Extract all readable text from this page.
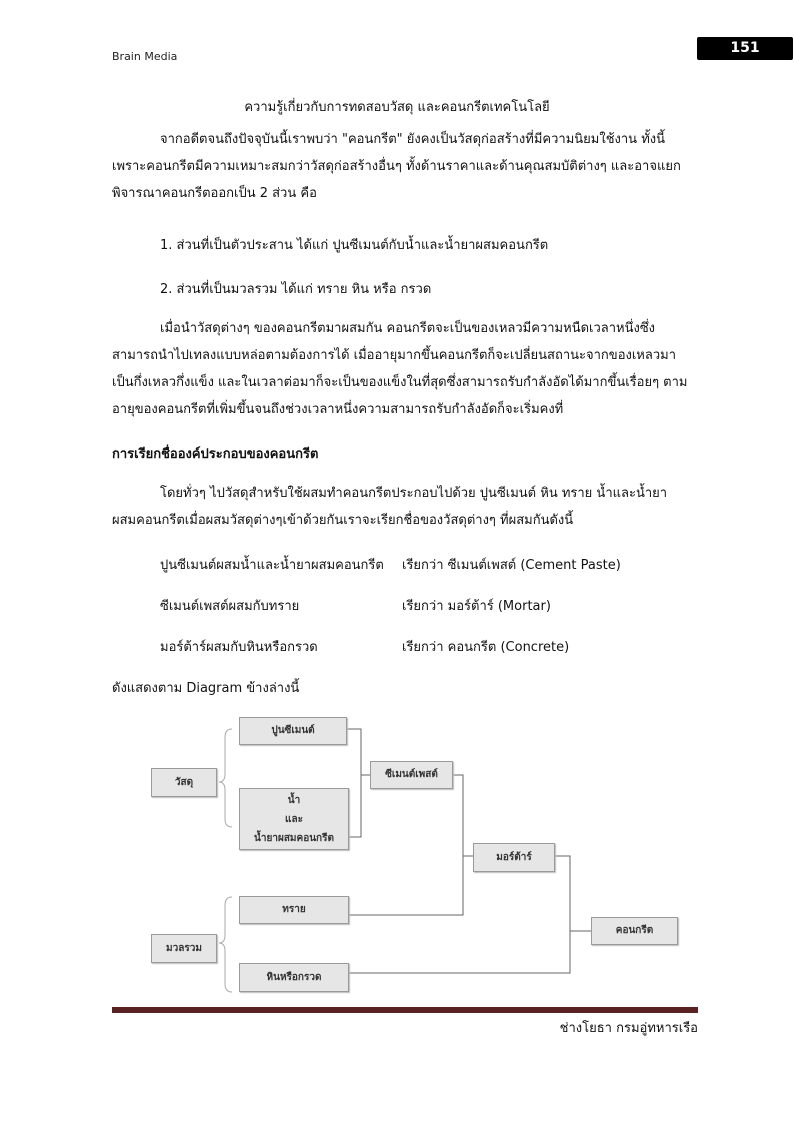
Brain Media
151
ความรู้เกี่ยวกับการทดสอบวัสดุ และคอนกรีตเทคโนโลยี
จากอดีตจนถึงปัจจุบันนี้เราพบว่า "คอนกรีต" ยังคงเป็นวัสดุก่อสร้างที่มีความนิยมใช้งาน ทั้งนี้
เพราะคอนกรีตมีความเหมาะสมกว่าวัสดุก่อสร้างอื่นๆ ทั้งด้านราคาและด้านคุณสมบัติต่างๆ และอาจแยก
พิจารณาคอนกรีตออกเป็น 2 ส่วน คือ
1. ส่วนที่เป็นตัวประสาน ได้แก่ ปูนซีเมนต์กับน้ำและน้ำยาผสมคอนกรีต
2. ส่วนที่เป็นมวลรวม ได้แก่ ทราย หิน หรือ กรวด
เมื่อนำวัสดุต่างๆ ของคอนกรีตมาผสมกัน คอนกรีตจะเป็นของเหลวมีความหนืดเวลาหนึ่งซึ่ง
สามารถนำไปเทลงแบบหล่อตามต้องการได้ เมื่ออายุมากขึ้นคอนกรีตก็จะเปลี่ยนสถานะจากของเหลวมา
เป็นกึ่งเหลวกึ่งแข็ง และในเวลาต่อมาก็จะเป็นของแข็งในที่สุดซึ่งสามารถรับกำลังอัดได้มากขึ้นเรื่อยๆ ตาม
อายุของคอนกรีตที่เพิ่มขึ้นจนถึงช่วงเวลาหนึ่งความสามารถรับกำลังอัดก็จะเริ่มคงที่
การเรียกชื่อองค์ประกอบของคอนกรีต
โดยทั่วๆ ไปวัสดุสำหรับใช้ผสมทำคอนกรีตประกอบไปด้วย ปูนซีเมนต์ หิน ทราย น้ำและน้ำยา
ผสมคอนกรีตเมื่อผสมวัสดุต่างๆเข้าด้วยกันเราจะเรียกชื่อของวัสดุต่างๆ ที่ผสมกันดังนี้
ปูนซีเมนต์ผสมน้ำและน้ำยาผสมคอนกรีต เรียกว่า ซีเมนต์เพสต์ (Cement Paste)
ซีเมนต์เพสต์ผสมกับทราย	เรียกว่า มอร์ต้าร์ (Mortar)
มอร์ต้าร์ผสมกับหินหรือกรวด	เรียกว่า คอนกรีต (Concrete)
ดังแสดงตาม Diagram ข้างล่างนี้
วัสดุ
ปูนซีเมนต์
น้ำ
และ
น้ำยาผสมคอนกรีต
ซีเมนต์เพสต์
มอร์ต้าร์
มวลรวม
ทราย
หินหรือกรวด
คอนกรีต
ช่างโยธา กรมอู่ทหารเรือ
